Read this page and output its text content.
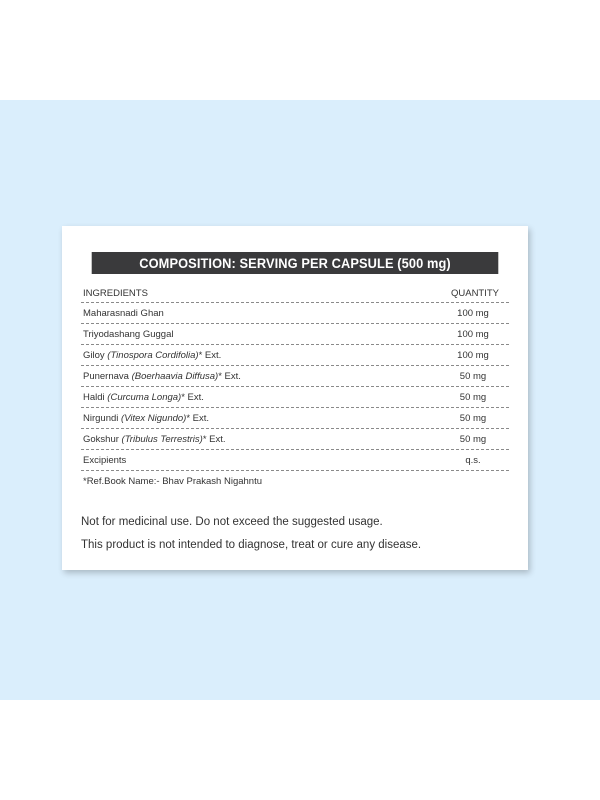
COMPOSITION: SERVING PER CAPSULE (500 mg)
INGREDIENTS	QUANTITY
Maharasnadi Ghan	100 mg
Triyodashang Guggal	100 mg
Giloy (Tinospora Cordifolia)* Ext.	100 mg
Punernava (Boerhaavia Diffusa)* Ext.	50 mg
Haldi (Curcuma Longa)* Ext.	50 mg
Nirgundi (Vitex Nigundo)* Ext.	50 mg
Gokshur (Tribulus Terrestris)* Ext.	50 mg
Excipients	q.s.
*Ref.Book Name:- Bhav Prakash Nigahntu
Not for medicinal use. Do not exceed the suggested usage.
This product is not intended to diagnose, treat or cure any disease.
